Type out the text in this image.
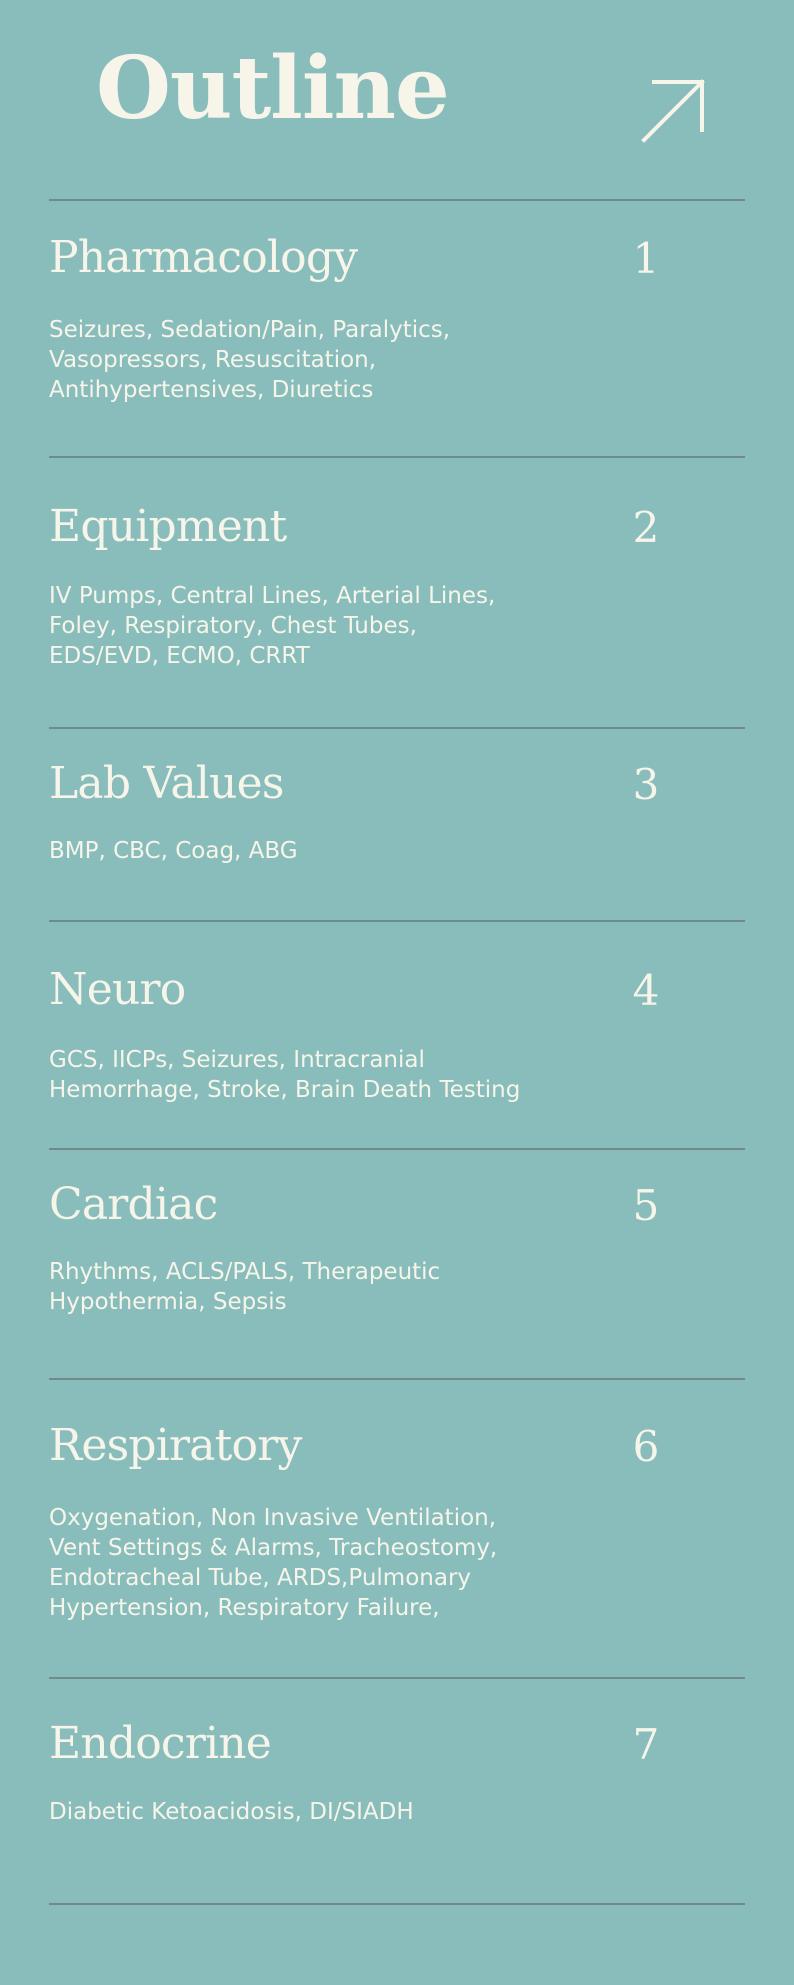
Outline
Pharmacology	1

Seizures, Sedation/Pain, Paralytics,
Vasopressors, Resuscitation,
Antihypertensives, Diuretics

Equipment	2

IV Pumps, Central Lines, Arterial Lines,
Foley, Respiratory, Chest Tubes,
EDS/EVD, ECMO, CRRT

Lab Values	3

BMP, CBC, Coag, ABG

Neuro	4

GCS, IICPs, Seizures, Intracranial
Hemorrhage, Stroke, Brain Death Testing

Cardiac	5

Rhythms, ACLS/PALS, Therapeutic
Hypothermia, Sepsis

Respiratory	6

Oxygenation, Non Invasive Ventilation,
Vent Settings & Alarms, Tracheostomy,
Endotracheal Tube, ARDS,Pulmonary
Hypertension, Respiratory Failure,

Endocrine	7

Diabetic Ketoacidosis, DI/SIADH
